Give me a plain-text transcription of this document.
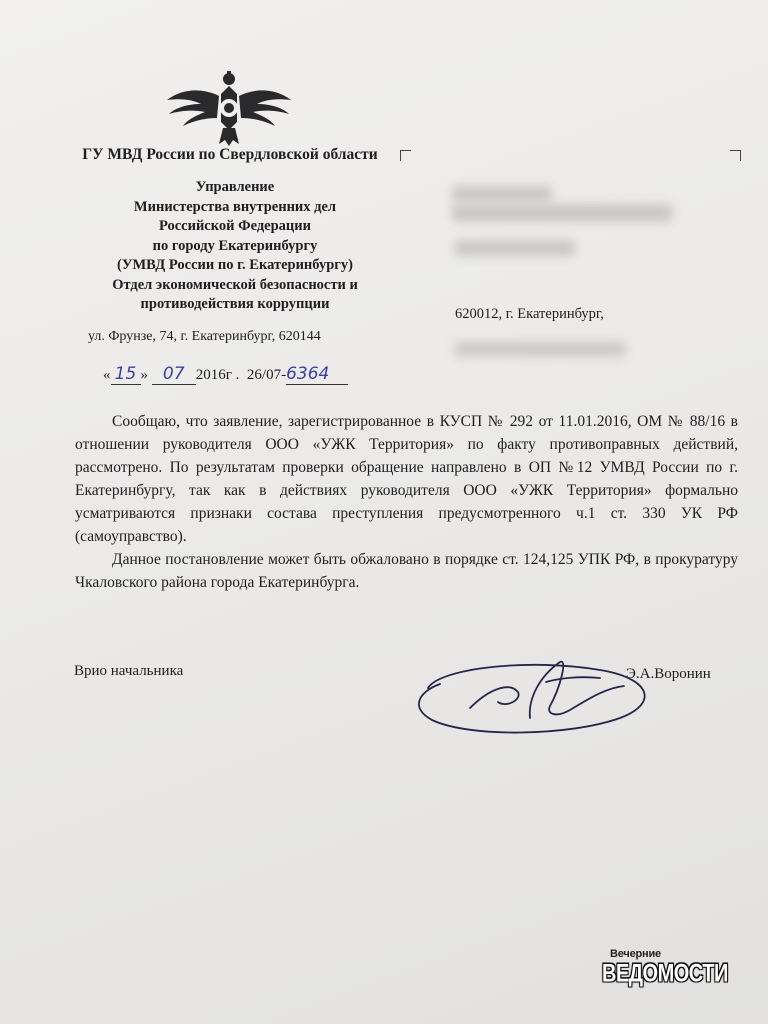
ГУ МВД России по Свердловской области
Управление
Министерства внутренних дел
Российской Федерации
по городу Екатеринбургу
(УМВД России по г. Екатеринбургу)
Отдел экономической безопасности и
противодействия коррупции
ул. Фрунзе, 74, г. Екатеринбург, 620144
« 15 » 07 2016г . 26/07-6364
620012, г. Екатеринбург,

Сообщаю, что заявление, зарегистрированное в КУСП № 292 от 11.01.2016, ОМ № 88/16 в отношении руководителя ООО «УЖК Территория» по факту противоправных действий, рассмотрено. По результатам проверки обращение направлено в ОП №12 УМВД России по г. Екатеринбургу, так как в действиях руководителя ООО «УЖК Территория» формально усматриваются признаки состава преступления предусмотренного ч.1 ст. 330 УК РФ (самоуправство).

Данное постановление может быть обжаловано в порядке ст. 124,125 УПК РФ, в прокуратуру Чкаловского района города Екатеринбурга.

Врио начальника	Э.А.Воронин
Вечерние
ВЕДОМОСТИ
